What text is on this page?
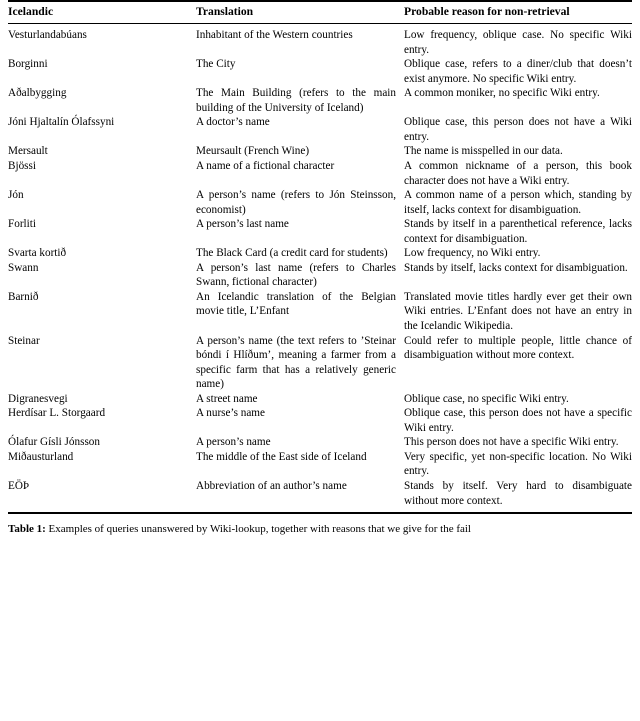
Icelandic	Translation	Probable reason for non-retrieval
Vesturlandabúans	Inhabitant of the Western countries	Low frequency, oblique case. No specific Wiki entry.
Borginni	The City	Oblique case, refers to a diner/club that doesn’t exist anymore. No specific Wiki entry.
Aðalbygging	The Main Building (refers to the main building of the University of Iceland)	A common moniker, no specific Wiki entry.
Jóni Hjaltalín Ólafssyni	A doctor’s name	Oblique case, this person does not have a Wiki entry.
Mersault	Meursault (French Wine)	The name is misspelled in our data.
Bjössi	A name of a fictional character	A common nickname of a person, this book character does not have a Wiki entry.
Jón	A person’s name (refers to Jón Steinsson, economist)	A common name of a person which, standing by itself, lacks context for disambiguation.
Forliti	A person’s last name	Stands by itself in a parenthetical reference, lacks context for disambiguation.
Svarta kortið	The Black Card (a credit card for students)	Low frequency, no Wiki entry.
Swann	A person’s last name (refers to Charles Swann, fictional character)	Stands by itself, lacks context for disambiguation.
Barnið	An Icelandic translation of the Belgian movie title, L’Enfant	Translated movie titles hardly ever get their own Wiki entries. L’Enfant does not have an entry in the Icelandic Wikipedia.
Steinar	A person’s name (the text refers to ’Steinar bóndi í Hlíðum’, meaning a farmer from a specific farm that has a relatively generic name)	Could refer to multiple people, little chance of disambiguation without more context.
Digranesvegi	A street name	Oblique case, no specific Wiki entry.
Herdísar L. Storgaard	A nurse’s name	Oblique case, this person does not have a specific Wiki entry.
Ólafur Gísli Jónsson	A person’s name	This person does not have a specific Wiki entry.
Miðausturland	The middle of the East side of Iceland	Very specific, yet non-specific location. No Wiki entry.
EÖÞ	Abbreviation of an author’s name	Stands by itself. Very hard to disambiguate without more context.
Table 1: Examples of queries unanswered by Wiki-lookup, together with reasons that we give for the fail
